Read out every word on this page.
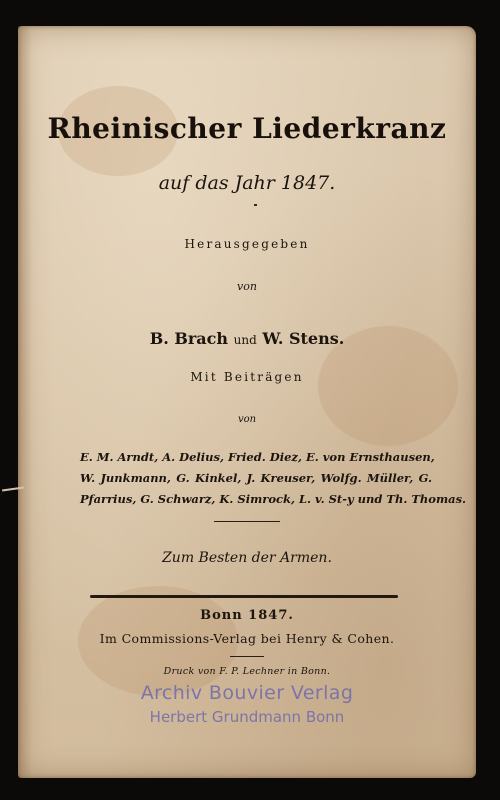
Rheinischer Liederkranz
auf das Jahr 1847.
Herausgegeben
von
B. Brach und W. Stens.
Mit Beiträgen
von
E. M. Arndt, A. Delius, Fried. Diez, E. von Ernsthausen,
W. Junkmann, G. Kinkel, J. Kreuser, Wolfg. Müller, G.
Pfarrius, G. Schwarz, K. Simrock, L. v. St-y und Th. Thomas.
Zum Besten der Armen.
Bonn 1847.
Im Commissions-Verlag bei Henry & Cohen.
Druck von F. P. Lechner in Bonn.
Archiv Bouvier Verlag
Herbert Grundmann Bonn
